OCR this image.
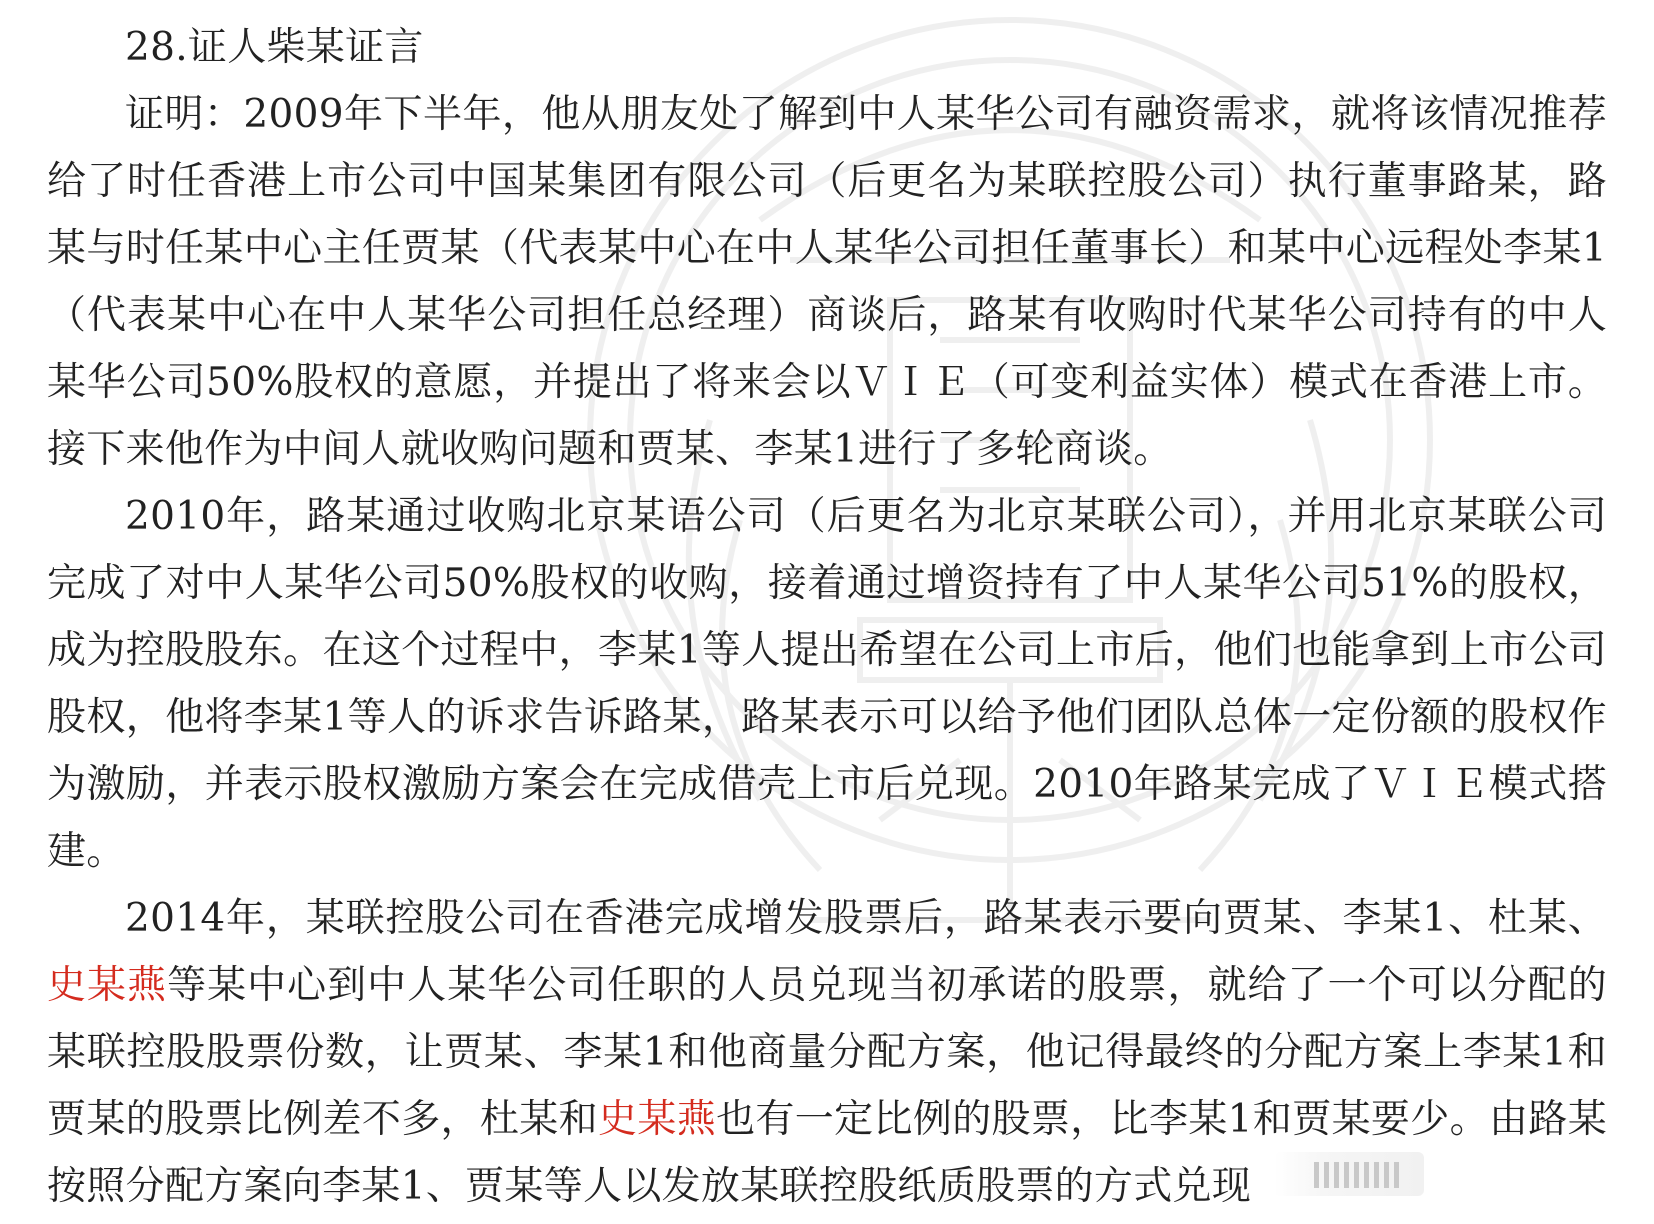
28.证人柴某证言

证明：2009年下半年，他从朋友处了解到中人某华公司有融资需求，就将该情况推荐给了时任香港上市公司中国某集团有限公司（后更名为某联控股公司）执行董事路某，路某与时任某中心主任贾某（代表某中心在中人某华公司担任董事长）和某中心远程处李某1（代表某中心在中人某华公司担任总经理）商谈后，路某有收购时代某华公司持有的中人某华公司50%股权的意愿，并提出了将来会以ＶＩＥ（可变利益实体）模式在香港上市。接下来他作为中间人就收购问题和贾某、李某1进行了多轮商谈。

2010年，路某通过收购北京某语公司（后更名为北京某联公司），并用北京某联公司完成了对中人某华公司50%股权的收购，接着通过增资持有了中人某华公司51%的股权，成为控股股东。在这个过程中，李某1等人提出希望在公司上市后，他们也能拿到上市公司股权，他将李某1等人的诉求告诉路某，路某表示可以给予他们团队总体一定份额的股权作为激励，并表示股权激励方案会在完成借壳上市后兑现。2010年路某完成了ＶＩＥ模式搭建。

2014年，某联控股公司在香港完成增发股票后，路某表示要向贾某、李某1、杜某、史某燕等某中心到中人某华公司任职的人员兑现当初承诺的股票，就给了一个可以分配的某联控股股票份数，让贾某、李某1和他商量分配方案，他记得最终的分配方案上李某1和贾某的股票比例差不多，杜某和史某燕也有一定比例的股票，比李某1和贾某要少。由路某按照分配方案向李某1、贾某等人以发放某联控股纸质股票的方式兑现
